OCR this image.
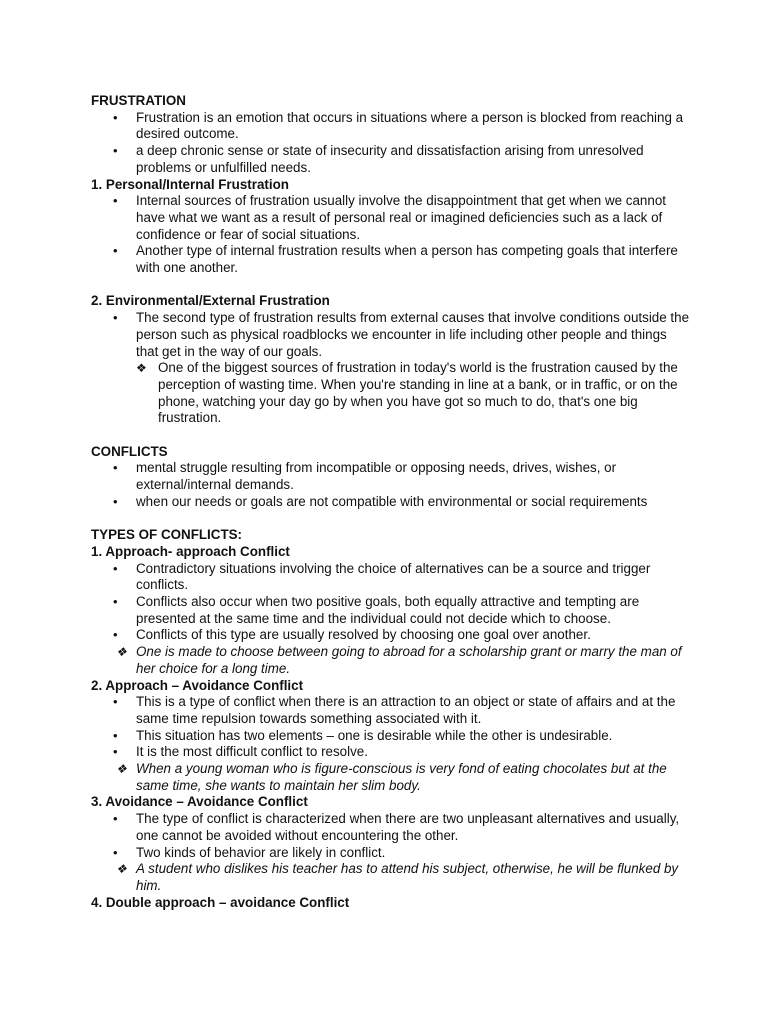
FRUSTRATION
• Frustration is an emotion that occurs in situations where a person is blocked from reaching a desired outcome.
• a deep chronic sense or state of insecurity and dissatisfaction arising from unresolved problems or unfulfilled needs.
1. Personal/Internal Frustration
• Internal sources of frustration usually involve the disappointment that get when we cannot have what we want as a result of personal real or imagined deficiencies such as a lack of confidence or fear of social situations.
• Another type of internal frustration results when a person has competing goals that interfere with one another.
2. Environmental/External Frustration
• The second type of frustration results from external causes that involve conditions outside the person such as physical roadblocks we encounter in life including other people and things that get in the way of our goals.
❖ One of the biggest sources of frustration in today's world is the frustration caused by the perception of wasting time. When you're standing in line at a bank, or in traffic, or on the phone, watching your day go by when you have got so much to do, that's one big frustration.
CONFLICTS
• mental struggle resulting from incompatible or opposing needs, drives, wishes, or external/internal demands.
• when our needs or goals are not compatible with environmental or social requirements
TYPES OF CONFLICTS:
1. Approach- approach Conflict
• Contradictory situations involving the choice of alternatives can be a source and trigger conflicts.
• Conflicts also occur when two positive goals, both equally attractive and tempting are presented at the same time and the individual could not decide which to choose.
• Conflicts of this type are usually resolved by choosing one goal over another.
❖ One is made to choose between going to abroad for a scholarship grant or marry the man of her choice for a long time.
2. Approach – Avoidance Conflict
• This is a type of conflict when there is an attraction to an object or state of affairs and at the same time repulsion towards something associated with it.
• This situation has two elements – one is desirable while the other is undesirable.
• It is the most difficult conflict to resolve.
❖ When a young woman who is figure-conscious is very fond of eating chocolates but at the same time, she wants to maintain her slim body.
3. Avoidance – Avoidance Conflict
• The type of conflict is characterized when there are two unpleasant alternatives and usually, one cannot be avoided without encountering the other.
• Two kinds of behavior are likely in conflict.
❖ A student who dislikes his teacher has to attend his subject, otherwise, he will be flunked by him.
4. Double approach – avoidance Conflict
